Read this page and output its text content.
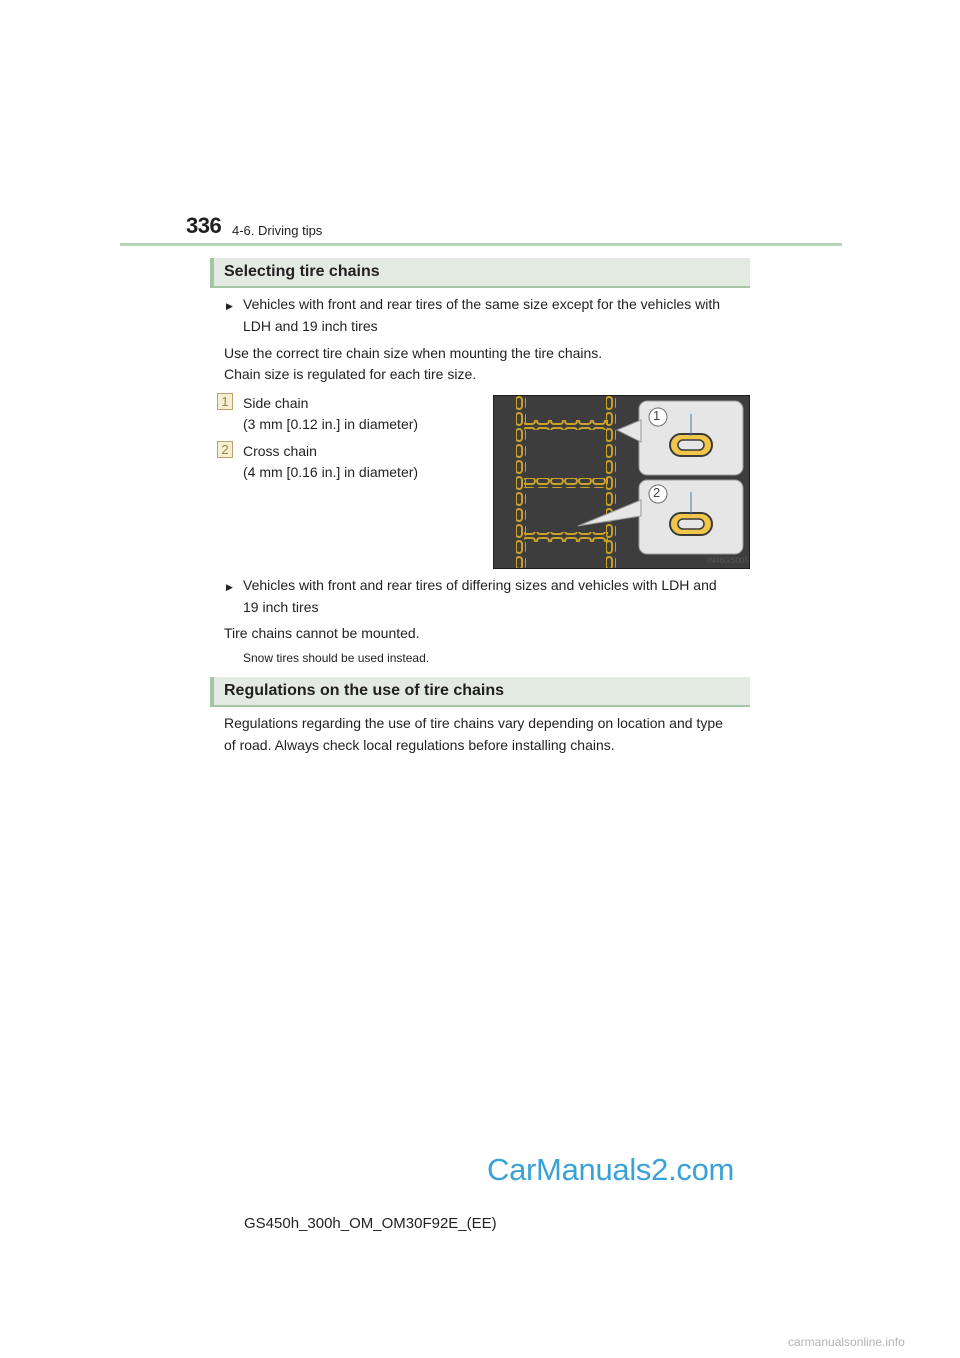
336 4-6. Driving tips
Selecting tire chains
▶ Vehicles with front and rear tires of the same size except for the vehicles with
LDH and 19 inch tires
Use the correct tire chain size when mounting the tire chains.
Chain size is regulated for each tire size.
1	Side chain
(3 mm [0.12 in.] in diameter)
2	Cross chain
(4 mm [0.16 in.] in diameter)
1
2
IN46GS005
▶ Vehicles with front and rear tires of differing sizes and vehicles with LDH and
19 inch tires
Tire chains cannot be mounted.
Snow tires should be used instead.
Regulations on the use of tire chains
Regulations regarding the use of tire chains vary depending on location and type
of road. Always check local regulations before installing chains.
CarManuals2.com
GS450h_300h_OM_OM30F92E_(EE)
carmanualsonline.info
